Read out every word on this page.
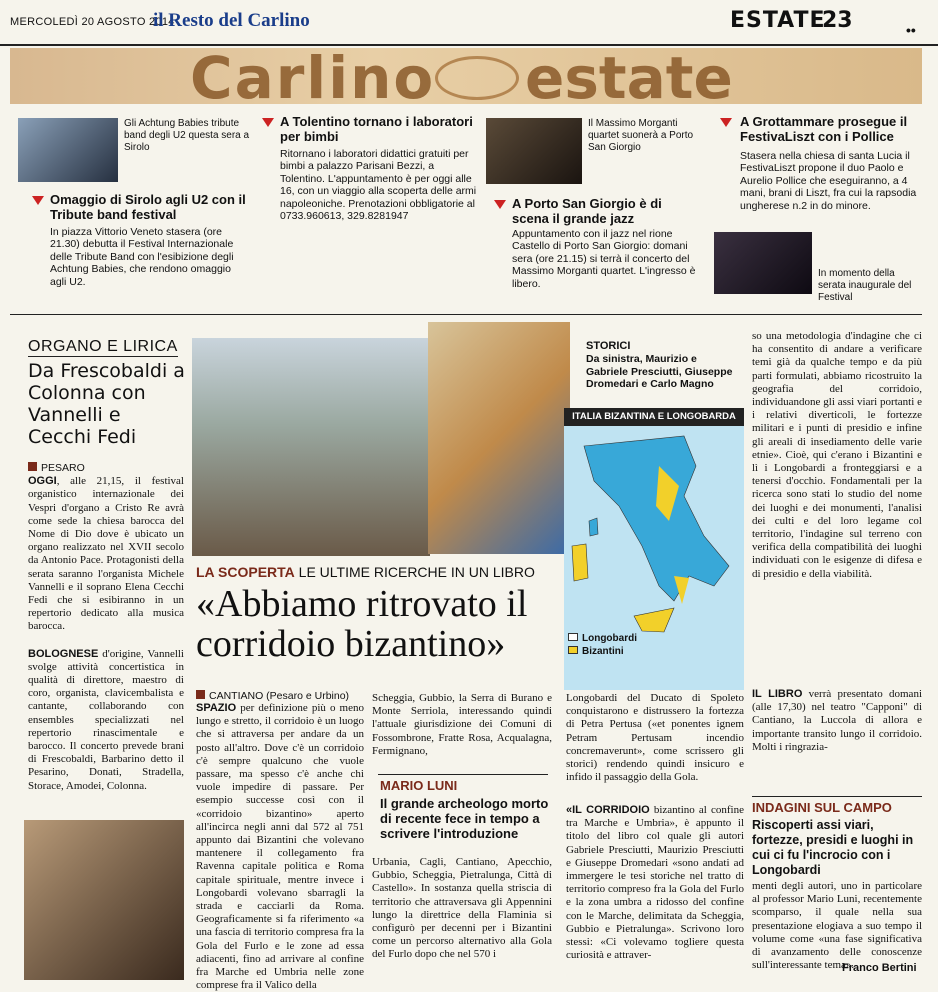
MERCOLEDÌ 20 AGOSTO 2014
il Resto del Carlino	ESTATE
23	••
Carlino estate
Gli Achtung Babies tribute band degli U2 questa sera a Sirolo
Omaggio di Sirolo agli U2 con il Tribute band festival
In piazza Vittorio Veneto stasera (ore 21.30) debutta il Festival Internazionale delle Tribute Band con l'esibizione degli Achtung Babies, che rendono omaggio agli U2.
A Tolentino tornano i laboratori per bimbi
Ritornano i laboratori didattici gratuiti per bimbi a palazzo Parisani Bezzi, a Tolentino. L'appuntamento è per oggi alle 16, con un viaggio alla scoperta delle armi napoleoniche. Prenotazioni obbligatorie al 0733.960613, 329.8281947
Il Massimo Morganti quartet suonerà a Porto San Giorgio
A Porto San Giorgio è di scena il grande jazz
Appuntamento con il jazz nel rione Castello di Porto San Giorgio: domani sera (ore 21.15) si terrà il concerto del Massimo Morganti quartet. L'ingresso è libero.
A Grottammare prosegue il FestivaLiszt con i Pollice
Stasera nella chiesa di santa Lucia il FestivaLiszt propone il duo Paolo e Aurelio Pollice che eseguiranno, a 4 mani, brani di Liszt, fra cui la rapsodia ungherese n.2 in do minore.
In momento della serata inaugurale del Festival
ORGANO E LIRICA
Da Frescobaldi a Colonna con Vannelli e Cecchi Fedi
PESARO

OGGI, alle 21,15, il festival organistico internazionale dei Vespri d'organo a Cristo Re avrà come sede la chiesa barocca del Nome di Dio dove è ubicato un organo realizzato nel XVII secolo da Antonio Pace. Protagonisti della serata saranno l'organista Michele Vannelli e il soprano Elena Cecchi Fedi che si esibiranno in un repertorio dedicato alla musica barocca.

BOLOGNESE d'origine, Vannelli svolge attività concertistica in qualità di direttore, maestro di coro, organista, clavicembalista e cantante, collaborando con ensembles specializzati nel repertorio rinascimentale e barocco. Il concerto prevede brani di Frescobaldi, Barbarino detto il Pesarino, Donati, Stradella, Storace, Amodei, Colonna.

STORICI
Da sinistra, Maurizio e Gabriele Presciutti, Giuseppe Dromedari e Carlo Magno
ITALIA BIZANTINA E LONGOBARDA
Longobardi
Bizantini
LA SCOPERTA LE ULTIME RICERCHE IN UN LIBRO
«Abbiamo ritrovato il corridoio bizantino»
CANTIANO (Pesaro e Urbino)
SPAZIO per definizione più o meno lungo e stretto, il corridoio è un luogo che si attraversa per andare da un posto all'altro. Dove c'è un corridoio c'è sempre qualcuno che vuole passare, ma spesso c'è anche chi vuole impedire di passare. Per esempio successe così con il «corridoio bizantino» aperto all'incirca negli anni dal 572 al 751 appunto dai Bizantini che volevano mantenere il collegamento fra Ravenna capitale politica e Roma capitale spirituale, mentre invece i Longobardi volevano sbarragli la strada e cacciarli da Roma. Geograficamente si fa riferimento «a una fascia di territorio compresa fra la Gola del Furlo e le zone ad essa adiacenti, fino ad arrivare al confine fra Marche ed Umbria nelle zone comprese fra il Valico della
Scheggia, Gubbio, la Serra di Burano e Monte Serriola, interessando quindi l'attuale giurisdizione dei Comuni di Fossombrone, Fratte Rosa, Acqualagna, Fermignano,
MARIO LUNI
Il grande archeologo morto di recente fece in tempo a scrivere l'introduzione
Urbania, Cagli, Cantiano, Apecchio, Gubbio, Scheggia, Pietralunga, Città di Castello». In sostanza quella striscia di territorio che attraversava gli Appennini lungo la direttrice della Flaminia si configurò per decenni per i Bizantini come un percorso alternativo alla Gola del Furlo dopo che nel 570 i
Longobardi del Ducato di Spoleto conquistarono e distrussero la fortezza di Petra Pertusa («et ponentes ignem Petram Pertusam incendio concremaverunt», come scrissero gli storici) rendendo quindi insicuro e infido il passaggio della Gola.
«IL CORRIDOIO bizantino al confine tra Marche e Umbria», è appunto il titolo del libro col quale gli autori Gabriele Presciutti, Maurizio Presciutti e Giuseppe Dromedari «sono andati ad immergere le tesi storiche nel tratto di territorio compreso fra la Gola del Furlo e la zona umbra a ridosso del confine con le Marche, delimitata da Scheggia, Gubbio e Pietralunga». Scrivono loro stessi: «Ci volevamo togliere questa curiosità e attraver-
so una metodologia d'indagine che ci ha consentito di andare a verificare temi già da qualche tempo e da più parti formulati, abbiamo ricostruito la geografia del corridoio, individuandone gli assi viari portanti e i relativi diverticoli, le fortezze militari e i punti di presidio e infine gli areali di insediamento delle varie etnie». Cioè, qui c'erano i Bizantini e lì i Longobardi a fronteggiarsi e a tenersi d'occhio. Fondamentali per la ricerca sono stati lo studio del nome dei luoghi e dei monumenti, l'analisi dei culti e del loro legame col territorio, l'indagine sul terreno con verifica della compatibilità dei luoghi individuati con le esigenze di difesa e di presidio e della viabilità.
IL LIBRO verrà presentato domani (alle 17,30) nel teatro "Capponi" di Cantiano, la Luccola di allora e importante transito lungo il corridoio. Molti i ringrazia-
INDAGINI SUL CAMPO
Riscoperti assi viari, fortezze, presidi e luoghi in cui ci fu l'incrocio con i Longobardi
menti degli autori, uno in particolare al professor Mario Luni, recentemente scomparso, il quale nella sua presentazione elogiava a suo tempo il volume come «una fase significativa di avanzamento delle conoscenze sull'interessante tema».
Franco Bertini
